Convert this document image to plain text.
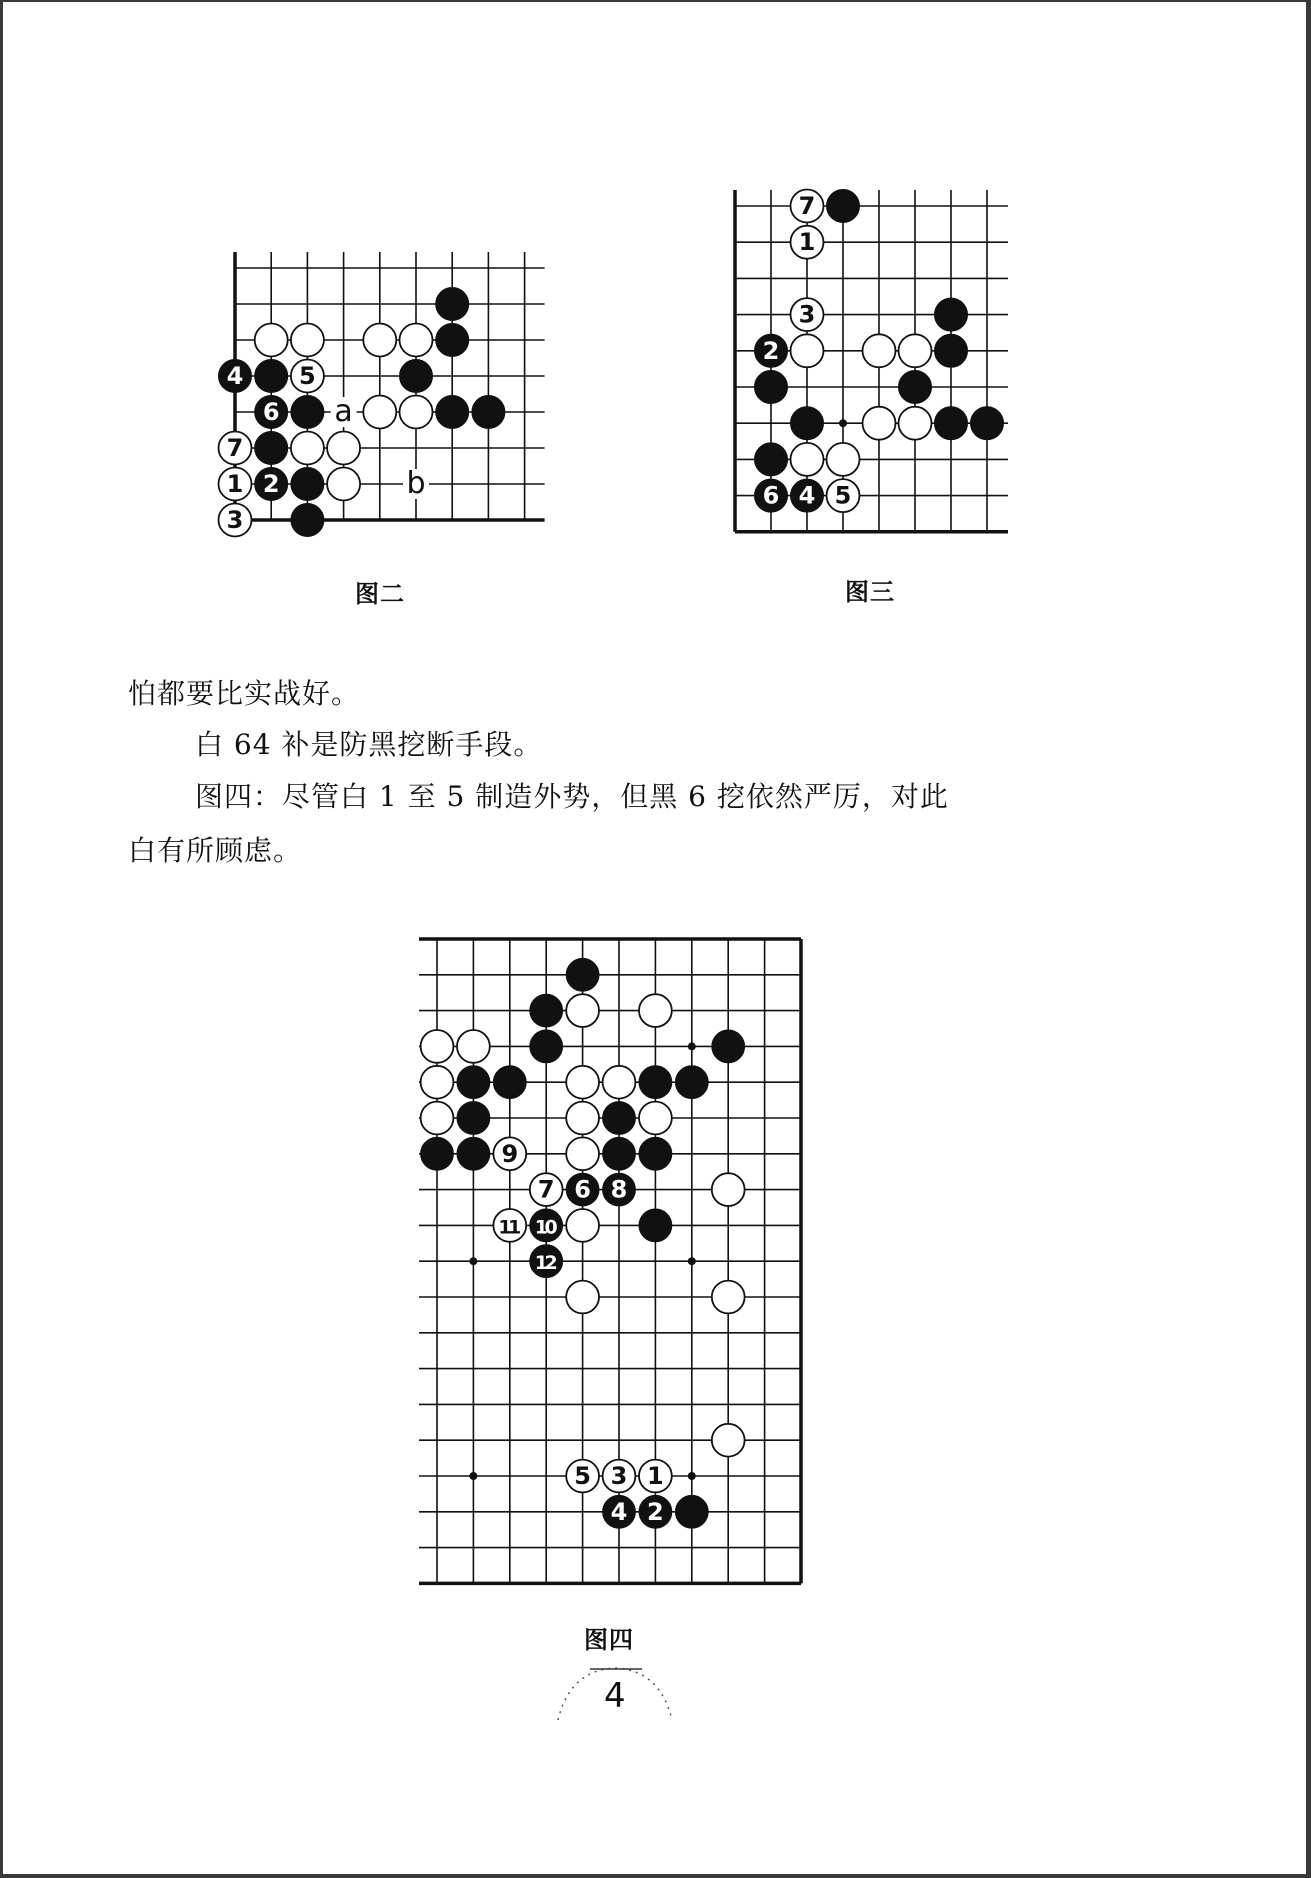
4 5
6
7
1 2
3
a
b
7
1
3
2
6 4 5
9
7 6 8
11 10
12
5 3 1
4 2
图二	图三
怕都要比实战好。
白 64 补是防黑挖断手段。
图四：尽管白 1 至 5 制造外势，但黑 6 挖依然严厉，对此
白有所顾虑。
图四
4
